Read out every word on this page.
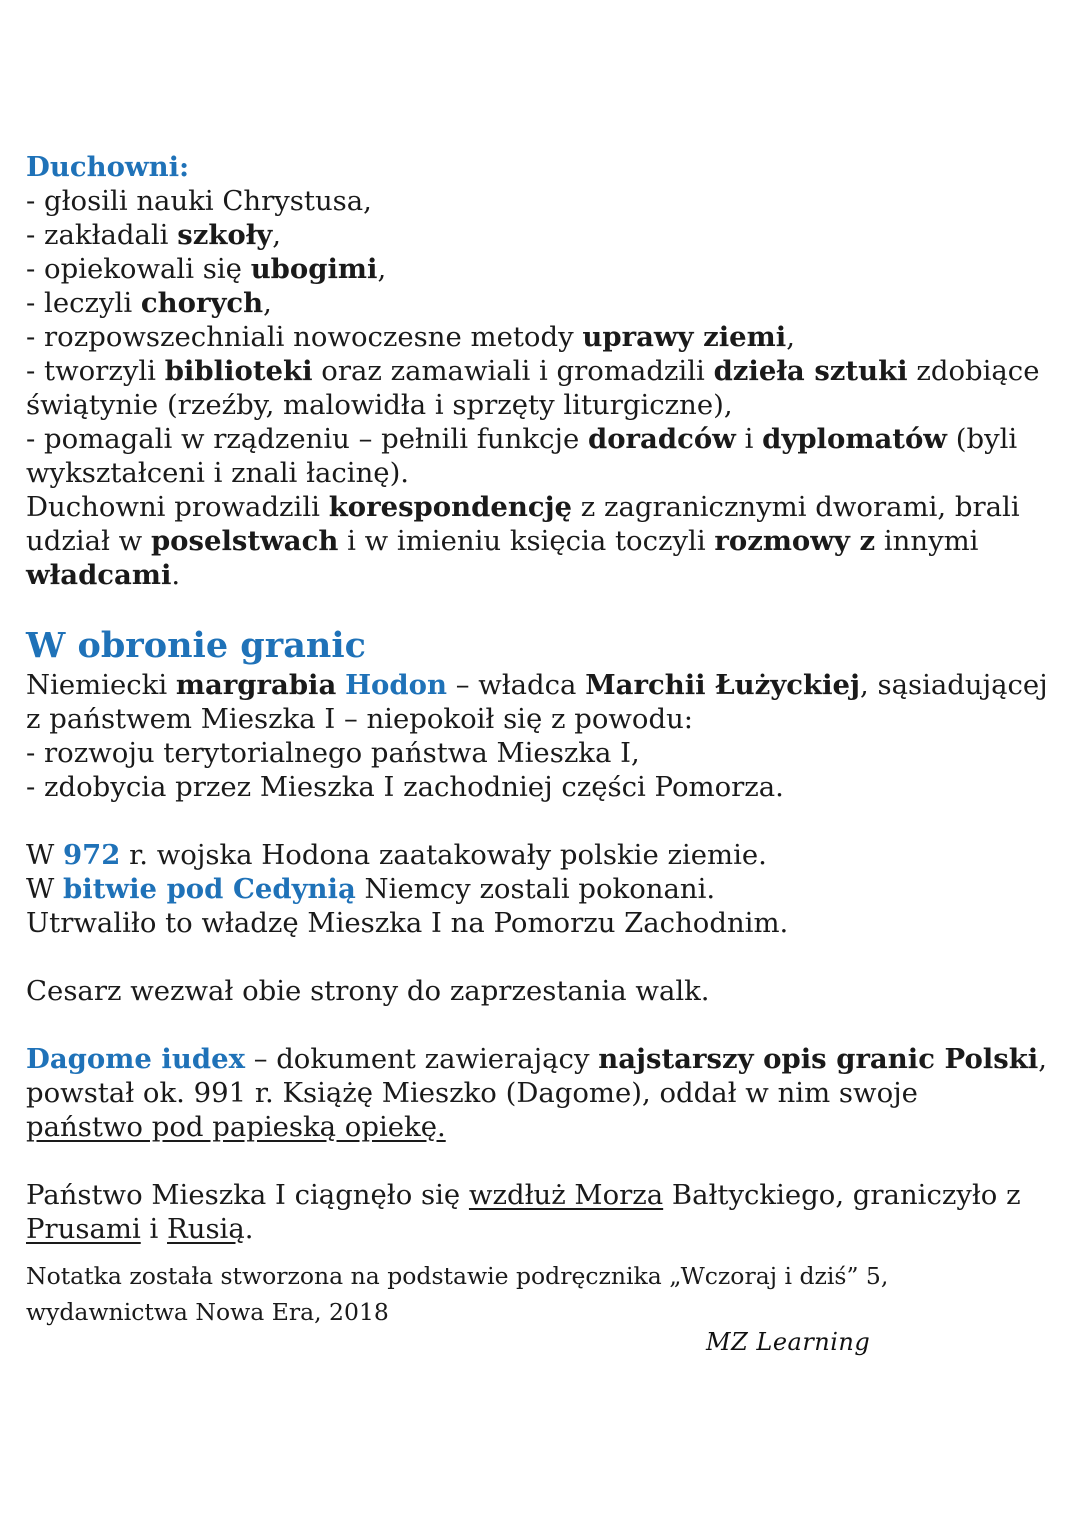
Duchowni:
- głosili nauki Chrystusa,
- zakładali szkoły,
- opiekowali się ubogimi,
- leczyli chorych,
- rozpowszechniali nowoczesne metody uprawy ziemi,
- tworzyli biblioteki oraz zamawiali i gromadzili dzieła sztuki zdobiące
świątynie (rzeźby, malowidła i sprzęty liturgiczne),
- pomagali w rządzeniu – pełnili funkcje doradców i dyplomatów (byli
wykształceni i znali łacinę).
Duchowni prowadzili korespondencję z zagranicznymi dworami, brali
udział w poselstwach i w imieniu księcia toczyli rozmowy z innymi
władcami.
W obronie granic
Niemiecki margrabia Hodon – władca Marchii Łużyckiej, sąsiadującej
z państwem Mieszka I – niepokoił się z powodu:
- rozwoju terytorialnego państwa Mieszka I,
- zdobycia przez Mieszka I zachodniej części Pomorza.
W 972 r. wojska Hodona zaatakowały polskie ziemie.
W bitwie pod Cedynią Niemcy zostali pokonani.
Utrwaliło to władzę Mieszka I na Pomorzu Zachodnim.
Cesarz wezwał obie strony do zaprzestania walk.
Dagome iudex – dokument zawierający najstarszy opis granic Polski,
powstał ok. 991 r. Książę Mieszko (Dagome), oddał w nim swoje
państwo pod papieską opiekę.
Państwo Mieszka I ciągnęło się wzdłuż Morza Bałtyckiego, graniczyło z
Prusami i Rusią.
Notatka została stworzona na podstawie podręcznika „Wczoraj i dziś” 5,
wydawnictwa Nowa Era, 2018
MZ Learning
